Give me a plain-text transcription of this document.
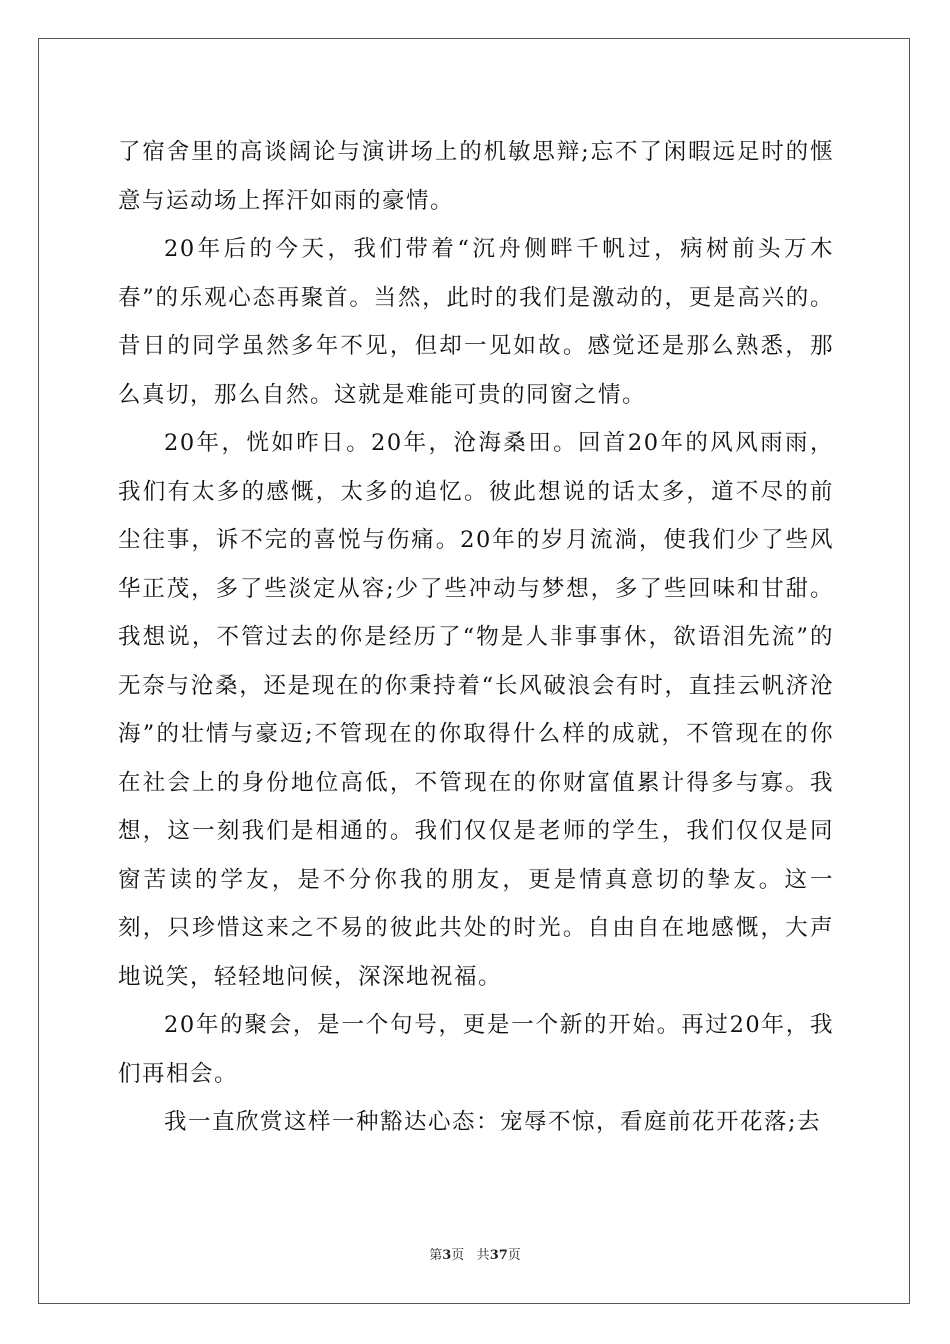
了宿舍里的高谈阔论与演讲场上的机敏思辩;忘不了闲暇远足时的惬意与运动场上挥汗如雨的豪情。

20年后的今天，我们带着“沉舟侧畔千帆过，病树前头万木春”的乐观心态再聚首。当然，此时的我们是激动的，更是高兴的。昔日的同学虽然多年不见，但却一见如故。感觉还是那么熟悉，那么真切，那么自然。这就是难能可贵的同窗之情。

20年，恍如昨日。20年，沧海桑田。回首20年的风风雨雨，我们有太多的感慨，太多的追忆。彼此想说的话太多，道不尽的前尘往事，诉不完的喜悦与伤痛。20年的岁月流淌，使我们少了些风华正茂，多了些淡定从容;少了些冲动与梦想，多了些回味和甘甜。我想说，不管过去的你是经历了“物是人非事事休，欲语泪先流”的无奈与沧桑，还是现在的你秉持着“长风破浪会有时，直挂云帆济沧海”的壮情与豪迈;不管现在的你取得什么样的成就，不管现在的你在社会上的身份地位高低，不管现在的你财富值累计得多与寡。我想，这一刻我们是相通的。我们仅仅是老师的学生，我们仅仅是同窗苦读的学友，是不分你我的朋友，更是情真意切的挚友。这一刻，只珍惜这来之不易的彼此共处的时光。自由自在地感慨，大声地说笑，轻轻地问候，深深地祝福。

20年的聚会，是一个句号，更是一个新的开始。再过20年，我们再相会。

我一直欣赏这样一种豁达心态：宠辱不惊，看庭前花开花落;去

第3页 共37页
